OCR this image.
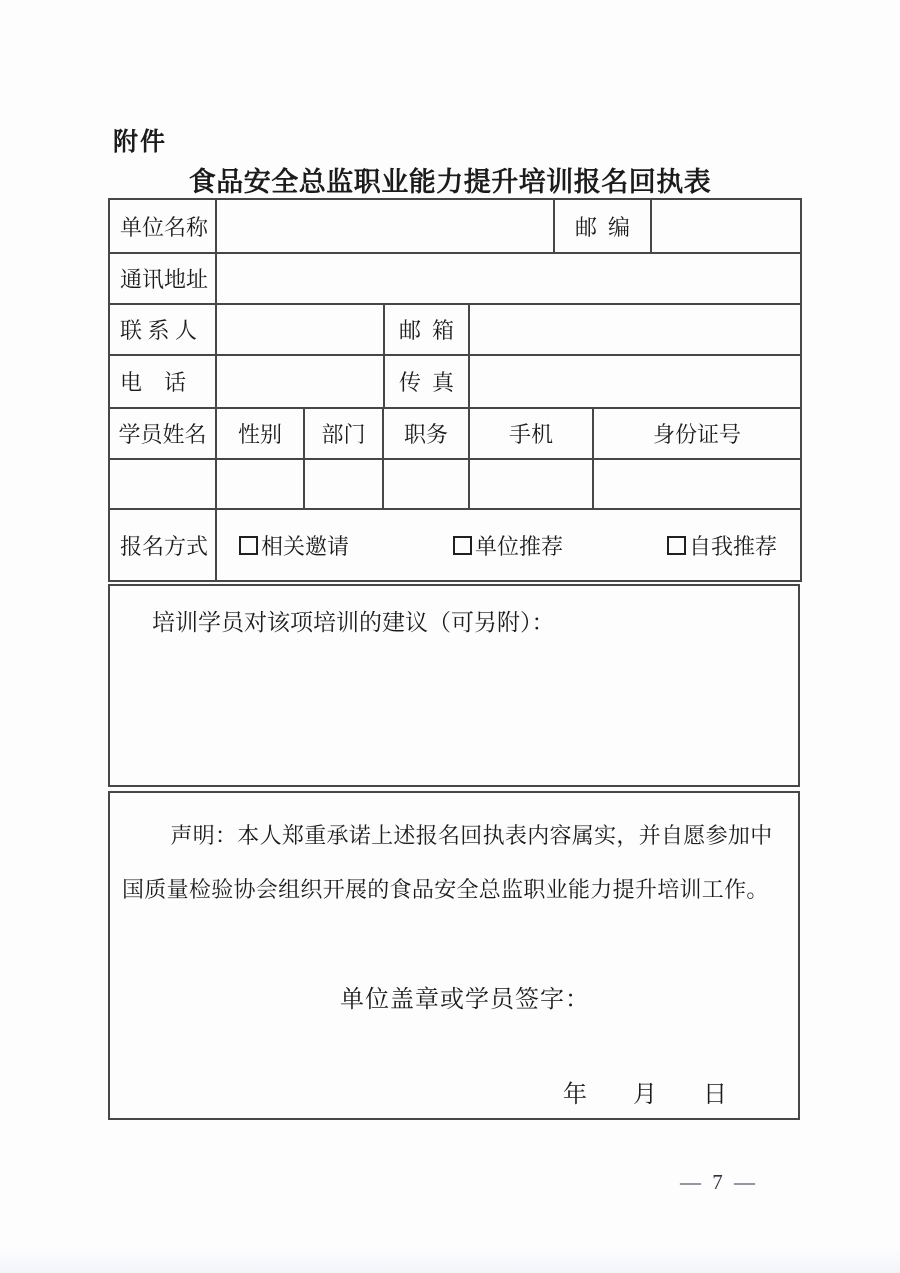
附件
食品安全总监职业能力提升培训报名回执表
单位名称	邮  编
通讯地址
联 系 人	邮  箱
电    话	传  真
学员姓名	性别	部门	职务	手机	身份证号
报名方式	相关邀请	单位推荐	自我推荐
培训学员对该项培训的建议（可另附）：
声明：本人郑重承诺上述报名回执表内容属实，并自愿参加中国质量检验协会组织开展的食品安全总监职业能力提升培训工作。
单位盖章或学员签字：
年 月 日
— 7 —
